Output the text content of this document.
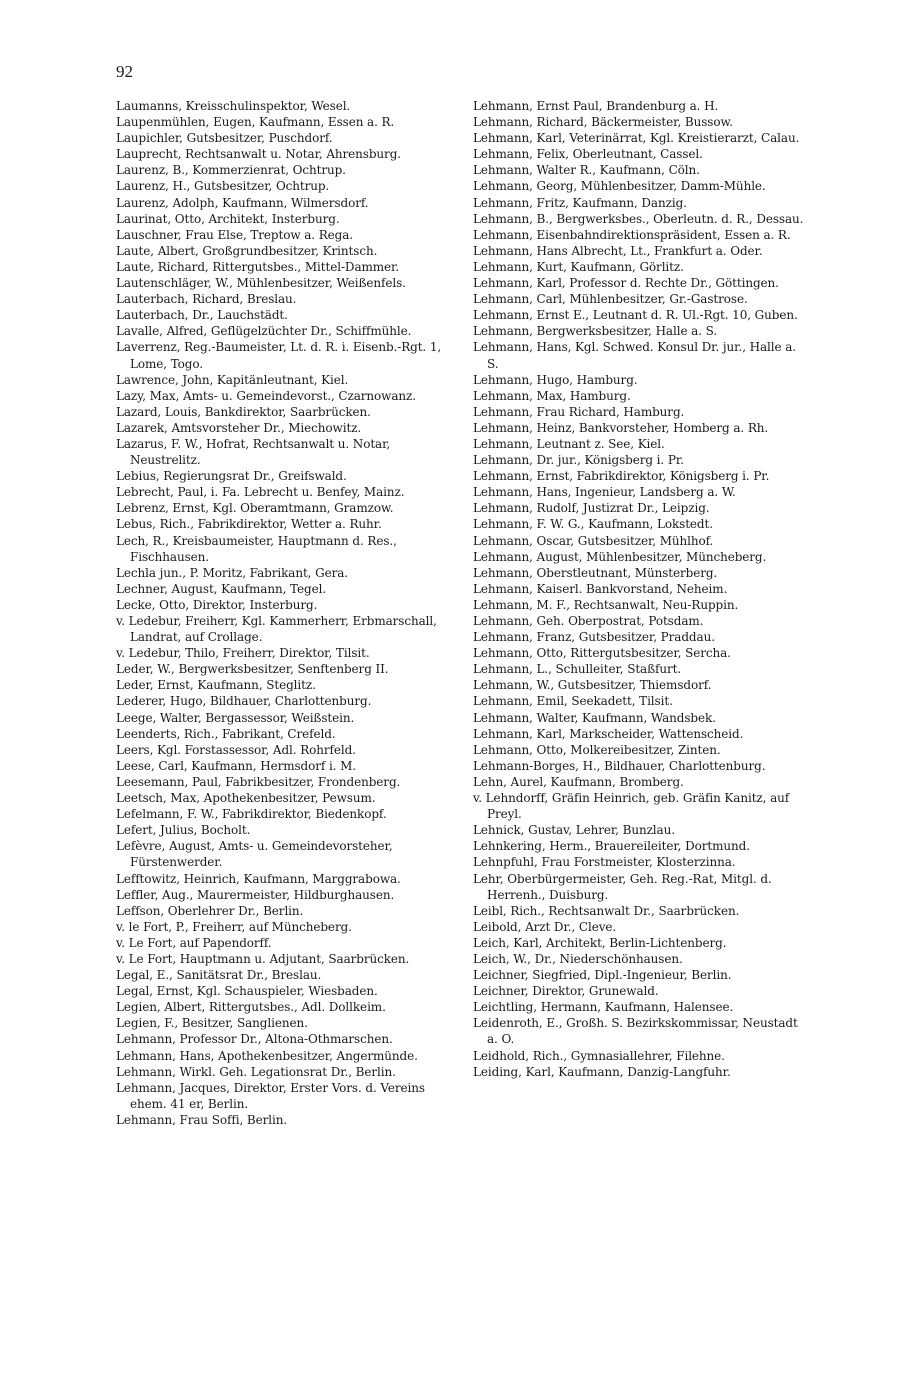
92
Laumanns, Kreisschulinspektor, Wesel.
Laupenmühlen, Eugen, Kaufmann, Essen a. R.
Laupichler, Gutsbesitzer, Puschdorf.
Lauprecht, Rechtsanwalt u. Notar, Ahrensburg.
Laurenz, B., Kommerzienrat, Ochtrup.
Laurenz, H., Gutsbesitzer, Ochtrup.
Laurenz, Adolph, Kaufmann, Wilmersdorf.
Laurinat, Otto, Architekt, Insterburg.
Lauschner, Frau Else, Treptow a. Rega.
Laute, Albert, Großgrundbesitzer, Krintsch.
Laute, Richard, Rittergutsbes., Mittel-Dammer.
Lautenschläger, W., Mühlenbesitzer, Weißenfels.
Lauterbach, Richard, Breslau.
Lauterbach, Dr., Lauchstädt.
Lavalle, Alfred, Geflügelzüchter Dr., Schiffmühle.
Laverrenz, Reg.-Baumeister, Lt. d. R. i. Eisenb.-Rgt. 1, Lome, Togo.
Lawrence, John, Kapitänleutnant, Kiel.
Lazy, Max, Amts- u. Gemeindevorst., Czarnowanz.
Lazard, Louis, Bankdirektor, Saarbrücken.
Lazarek, Amtsvorsteher Dr., Miechowitz.
Lazarus, F. W., Hofrat, Rechtsanwalt u. Notar, Neustrelitz.
Lebius, Regierungsrat Dr., Greifswald.
Lebrecht, Paul, i. Fa. Lebrecht u. Benfey, Mainz.
Lebrenz, Ernst, Kgl. Oberamtmann, Gramzow.
Lebus, Rich., Fabrikdirektor, Wetter a. Ruhr.
Lech, R., Kreisbaumeister, Hauptmann d. Res., Fischhausen.
Lechla jun., P. Moritz, Fabrikant, Gera.
Lechner, August, Kaufmann, Tegel.
Lecke, Otto, Direktor, Insterburg.
v. Ledebur, Freiherr, Kgl. Kammerherr, Erbmarschall, Landrat, auf Crollage.
v. Ledebur, Thilo, Freiherr, Direktor, Tilsit.
Leder, W., Bergwerksbesitzer, Senftenberg II.
Leder, Ernst, Kaufmann, Steglitz.
Lederer, Hugo, Bildhauer, Charlottenburg.
Leege, Walter, Bergassessor, Weißstein.
Leenderts, Rich., Fabrikant, Crefeld.
Leers, Kgl. Forstassessor, Adl. Rohrfeld.
Leese, Carl, Kaufmann, Hermsdorf i. M.
Leesemann, Paul, Fabrikbesitzer, Frondenberg.
Leetsch, Max, Apothekenbesitzer, Pewsum.
Lefelmann, F. W., Fabrikdirektor, Biedenkopf.
Lefert, Julius, Bocholt.
Lefèvre, August, Amts- u. Gemeindevorsteher, Fürstenwerder.
Lefftowitz, Heinrich, Kaufmann, Marggrabowa.
Leffler, Aug., Maurermeister, Hildburghausen.
Leffson, Oberlehrer Dr., Berlin.
v. le Fort, P., Freiherr, auf Müncheberg.
v. Le Fort, auf Papendorff.
v. Le Fort, Hauptmann u. Adjutant, Saarbrücken.
Legal, E., Sanitätsrat Dr., Breslau.
Legal, Ernst, Kgl. Schauspieler, Wiesbaden.
Legien, Albert, Rittergutsbes., Adl. Dollkeim.
Legien, F., Besitzer, Sanglienen.
Lehmann, Professor Dr., Altona-Othmarschen.
Lehmann, Hans, Apothekenbesitzer, Angermünde.
Lehmann, Wirkl. Geh. Legationsrat Dr., Berlin.
Lehmann, Jacques, Direktor, Erster Vors. d. Vereins ehem. 41 er, Berlin.
Lehmann, Frau Soffi, Berlin.
Lehmann, Ernst Paul, Brandenburg a. H.
Lehmann, Richard, Bäckermeister, Bussow.
Lehmann, Karl, Veterinärrat, Kgl. Kreistierarzt, Calau.
Lehmann, Felix, Oberleutnant, Cassel.
Lehmann, Walter R., Kaufmann, Cöln.
Lehmann, Georg, Mühlenbesitzer, Damm-Mühle.
Lehmann, Fritz, Kaufmann, Danzig.
Lehmann, B., Bergwerksbes., Oberleutn. d. R., Dessau.
Lehmann, Eisenbahndirektionspräsident, Essen a. R.
Lehmann, Hans Albrecht, Lt., Frankfurt a. Oder.
Lehmann, Kurt, Kaufmann, Görlitz.
Lehmann, Karl, Professor d. Rechte Dr., Göttingen.
Lehmann, Carl, Mühlenbesitzer, Gr.-Gastrose.
Lehmann, Ernst E., Leutnant d. R. Ul.-Rgt. 10, Guben.
Lehmann, Bergwerksbesitzer, Halle a. S.
Lehmann, Hans, Kgl. Schwed. Konsul Dr. jur., Halle a. S.
Lehmann, Hugo, Hamburg.
Lehmann, Max, Hamburg.
Lehmann, Frau Richard, Hamburg.
Lehmann, Heinz, Bankvorsteher, Homberg a. Rh.
Lehmann, Leutnant z. See, Kiel.
Lehmann, Dr. jur., Königsberg i. Pr.
Lehmann, Ernst, Fabrikdirektor, Königsberg i. Pr.
Lehmann, Hans, Ingenieur, Landsberg a. W.
Lehmann, Rudolf, Justizrat Dr., Leipzig.
Lehmann, F. W. G., Kaufmann, Lokstedt.
Lehmann, Oscar, Gutsbesitzer, Mühlhof.
Lehmann, August, Mühlenbesitzer, Müncheberg.
Lehmann, Oberstleutnant, Münsterberg.
Lehmann, Kaiserl. Bankvorstand, Neheim.
Lehmann, M. F., Rechtsanwalt, Neu-Ruppin.
Lehmann, Geh. Oberpostrat, Potsdam.
Lehmann, Franz, Gutsbesitzer, Praddau.
Lehmann, Otto, Rittergutsbesitzer, Sercha.
Lehmann, L., Schulleiter, Staßfurt.
Lehmann, W., Gutsbesitzer, Thiemsdorf.
Lehmann, Emil, Seekadett, Tilsit.
Lehmann, Walter, Kaufmann, Wandsbek.
Lehmann, Karl, Markscheider, Wattenscheid.
Lehmann, Otto, Molkereibesitzer, Zinten.
Lehmann-Borges, H., Bildhauer, Charlottenburg.
Lehn, Aurel, Kaufmann, Bromberg.
v. Lehndorff, Gräfin Heinrich, geb. Gräfin Kanitz, auf Preyl.
Lehnick, Gustav, Lehrer, Bunzlau.
Lehnkering, Herm., Brauereileiter, Dortmund.
Lehnpfuhl, Frau Forstmeister, Klosterzinna.
Lehr, Oberbürgermeister, Geh. Reg.-Rat, Mitgl. d. Herrenh., Duisburg.
Leibl, Rich., Rechtsanwalt Dr., Saarbrücken.
Leibold, Arzt Dr., Cleve.
Leich, Karl, Architekt, Berlin-Lichtenberg.
Leich, W., Dr., Niederschönhausen.
Leichner, Siegfried, Dipl.-Ingenieur, Berlin.
Leichner, Direktor, Grunewald.
Leichtling, Hermann, Kaufmann, Halensee.
Leidenroth, E., Großh. S. Bezirkskommissar, Neustadt a. O.
Leidhold, Rich., Gymnasiallehrer, Filehne.
Leiding, Karl, Kaufmann, Danzig-Langfuhr.
